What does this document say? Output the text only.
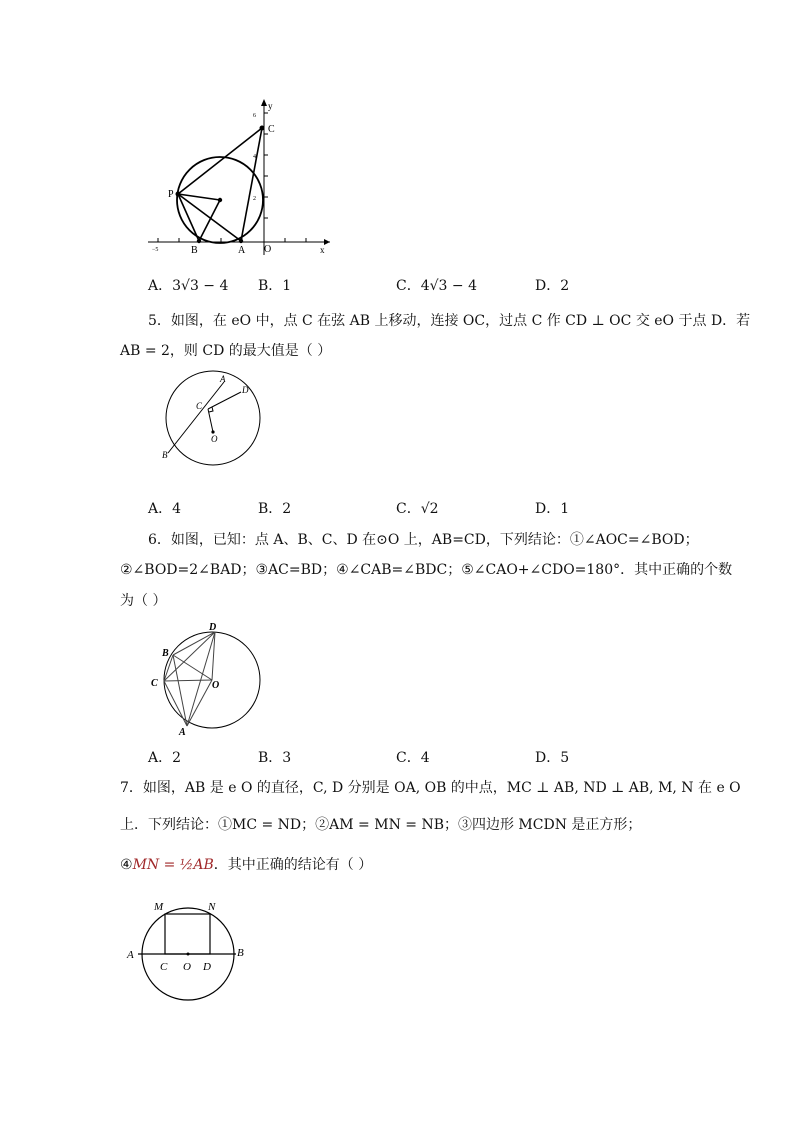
y
x
6
4
2
−5
C
P
B	A O
A．3√3 − 4 B．1	C．4√3 − 4	D．2
5．如图，在 eO 中，点 C 在弦 AB 上移动，连接 OC，过点 C 作 CD ⊥ OC 交 eO 于点 D．若
AB = 2，则 CD 的最大值是（ ）
A
D
C
O
B
A．4	B．2	C．√2	D．1
6．如图，已知：点 A、B、C、D 在⊙O 上，AB=CD，下列结论：①∠AOC=∠BOD；
②∠BOD=2∠BAD；③AC=BD；④∠CAB=∠BDC；⑤∠CAO+∠CDO=180°．其中正确的个数
为（ ）
D
B
C	O
A
A．2	B．3	C．4	D．5
7．如图，AB 是 e O 的直径，C, D 分别是 OA, OB 的中点，MC ⊥ AB, ND ⊥ AB, M, N 在 e O
上．下列结论：①MC = ND；②AM = MN = NB；③四边形 MCDN 是正方形；
④MN = ½AB．其中正确的结论有（ ）
M	N
A	B
C O D
